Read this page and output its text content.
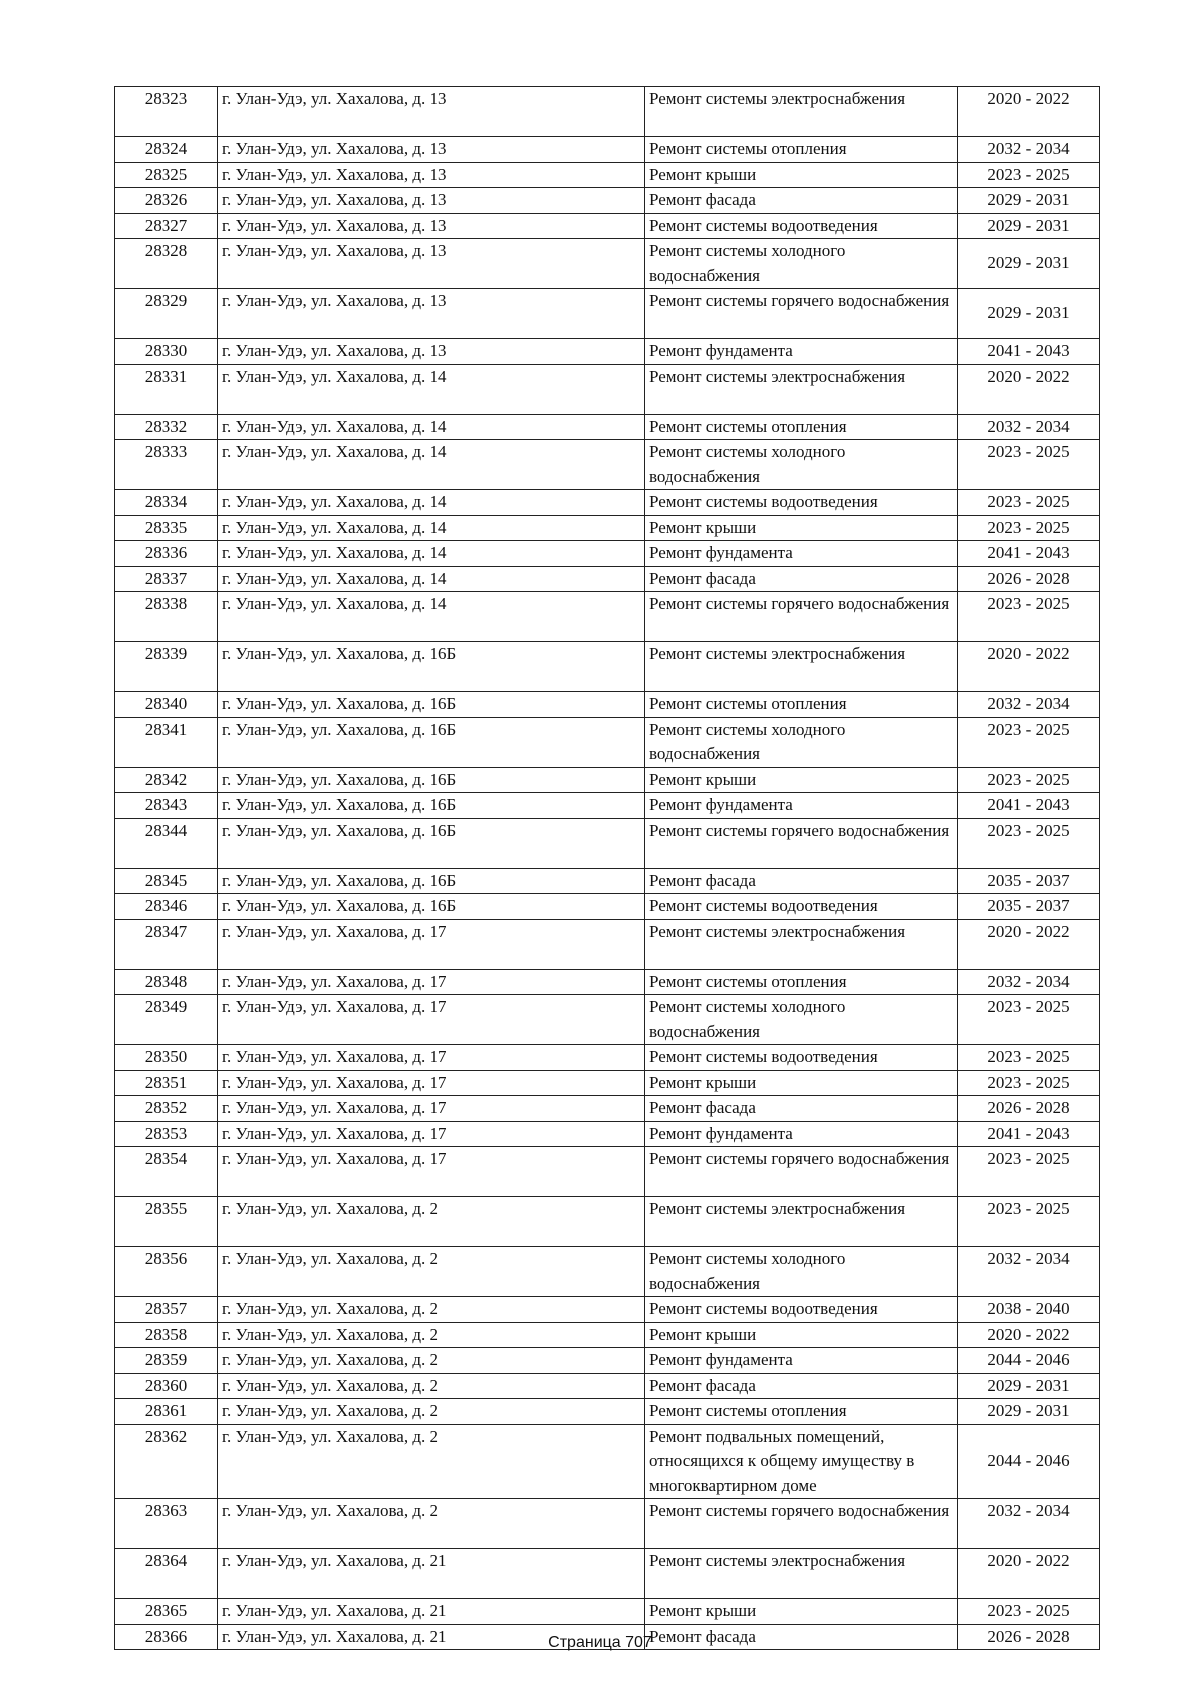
28323	г. Улан-Удэ, ул. Хахалова, д. 13	Ремонт системы электроснабжения	2020 - 2022
28324	г. Улан-Удэ, ул. Хахалова, д. 13	Ремонт системы отопления	2032 - 2034
28325	г. Улан-Удэ, ул. Хахалова, д. 13	Ремонт крыши	2023 - 2025
28326	г. Улан-Удэ, ул. Хахалова, д. 13	Ремонт фасада	2029 - 2031
28327	г. Улан-Удэ, ул. Хахалова, д. 13	Ремонт системы водоотведения	2029 - 2031
28328	г. Улан-Удэ, ул. Хахалова, д. 13	Ремонт системы холодного водоснабжения	2029 - 2031
28329	г. Улан-Удэ, ул. Хахалова, д. 13	Ремонт системы горячего водоснабжения	2029 - 2031
28330	г. Улан-Удэ, ул. Хахалова, д. 13	Ремонт фундамента	2041 - 2043
28331	г. Улан-Удэ, ул. Хахалова, д. 14	Ремонт системы электроснабжения	2020 - 2022
28332	г. Улан-Удэ, ул. Хахалова, д. 14	Ремонт системы отопления	2032 - 2034
28333	г. Улан-Удэ, ул. Хахалова, д. 14	Ремонт системы холодного водоснабжения	2023 - 2025
28334	г. Улан-Удэ, ул. Хахалова, д. 14	Ремонт системы водоотведения	2023 - 2025
28335	г. Улан-Удэ, ул. Хахалова, д. 14	Ремонт крыши	2023 - 2025
28336	г. Улан-Удэ, ул. Хахалова, д. 14	Ремонт фундамента	2041 - 2043
28337	г. Улан-Удэ, ул. Хахалова, д. 14	Ремонт фасада	2026 - 2028
28338	г. Улан-Удэ, ул. Хахалова, д. 14	Ремонт системы горячего водоснабжения	2023 - 2025
28339	г. Улан-Удэ, ул. Хахалова, д. 16Б	Ремонт системы электроснабжения	2020 - 2022
28340	г. Улан-Удэ, ул. Хахалова, д. 16Б	Ремонт системы отопления	2032 - 2034
28341	г. Улан-Удэ, ул. Хахалова, д. 16Б	Ремонт системы холодного водоснабжения	2023 - 2025
28342	г. Улан-Удэ, ул. Хахалова, д. 16Б	Ремонт крыши	2023 - 2025
28343	г. Улан-Удэ, ул. Хахалова, д. 16Б	Ремонт фундамента	2041 - 2043
28344	г. Улан-Удэ, ул. Хахалова, д. 16Б	Ремонт системы горячего водоснабжения	2023 - 2025
28345	г. Улан-Удэ, ул. Хахалова, д. 16Б	Ремонт фасада	2035 - 2037
28346	г. Улан-Удэ, ул. Хахалова, д. 16Б	Ремонт системы водоотведения	2035 - 2037
28347	г. Улан-Удэ, ул. Хахалова, д. 17	Ремонт системы электроснабжения	2020 - 2022
28348	г. Улан-Удэ, ул. Хахалова, д. 17	Ремонт системы отопления	2032 - 2034
28349	г. Улан-Удэ, ул. Хахалова, д. 17	Ремонт системы холодного водоснабжения	2023 - 2025
28350	г. Улан-Удэ, ул. Хахалова, д. 17	Ремонт системы водоотведения	2023 - 2025
28351	г. Улан-Удэ, ул. Хахалова, д. 17	Ремонт крыши	2023 - 2025
28352	г. Улан-Удэ, ул. Хахалова, д. 17	Ремонт фасада	2026 - 2028
28353	г. Улан-Удэ, ул. Хахалова, д. 17	Ремонт фундамента	2041 - 2043
28354	г. Улан-Удэ, ул. Хахалова, д. 17	Ремонт системы горячего водоснабжения	2023 - 2025
28355	г. Улан-Удэ, ул. Хахалова, д. 2	Ремонт системы электроснабжения	2023 - 2025
28356	г. Улан-Удэ, ул. Хахалова, д. 2	Ремонт системы холодного водоснабжения	2032 - 2034
28357	г. Улан-Удэ, ул. Хахалова, д. 2	Ремонт системы водоотведения	2038 - 2040
28358	г. Улан-Удэ, ул. Хахалова, д. 2	Ремонт крыши	2020 - 2022
28359	г. Улан-Удэ, ул. Хахалова, д. 2	Ремонт фундамента	2044 - 2046
28360	г. Улан-Удэ, ул. Хахалова, д. 2	Ремонт фасада	2029 - 2031
28361	г. Улан-Удэ, ул. Хахалова, д. 2	Ремонт системы отопления	2029 - 2031
28362	г. Улан-Удэ, ул. Хахалова, д. 2	Ремонт подвальных помещений, относящихся к общему имуществу в многоквартирном доме	2044 - 2046
28363	г. Улан-Удэ, ул. Хахалова, д. 2	Ремонт системы горячего водоснабжения	2032 - 2034
28364	г. Улан-Удэ, ул. Хахалова, д. 21	Ремонт системы электроснабжения	2020 - 2022
28365	г. Улан-Удэ, ул. Хахалова, д. 21	Ремонт крыши	2023 - 2025
28366	г. Улан-Удэ, ул. Хахалова, д. 21	Ремонт фасада	2026 - 2028
Страница 707
